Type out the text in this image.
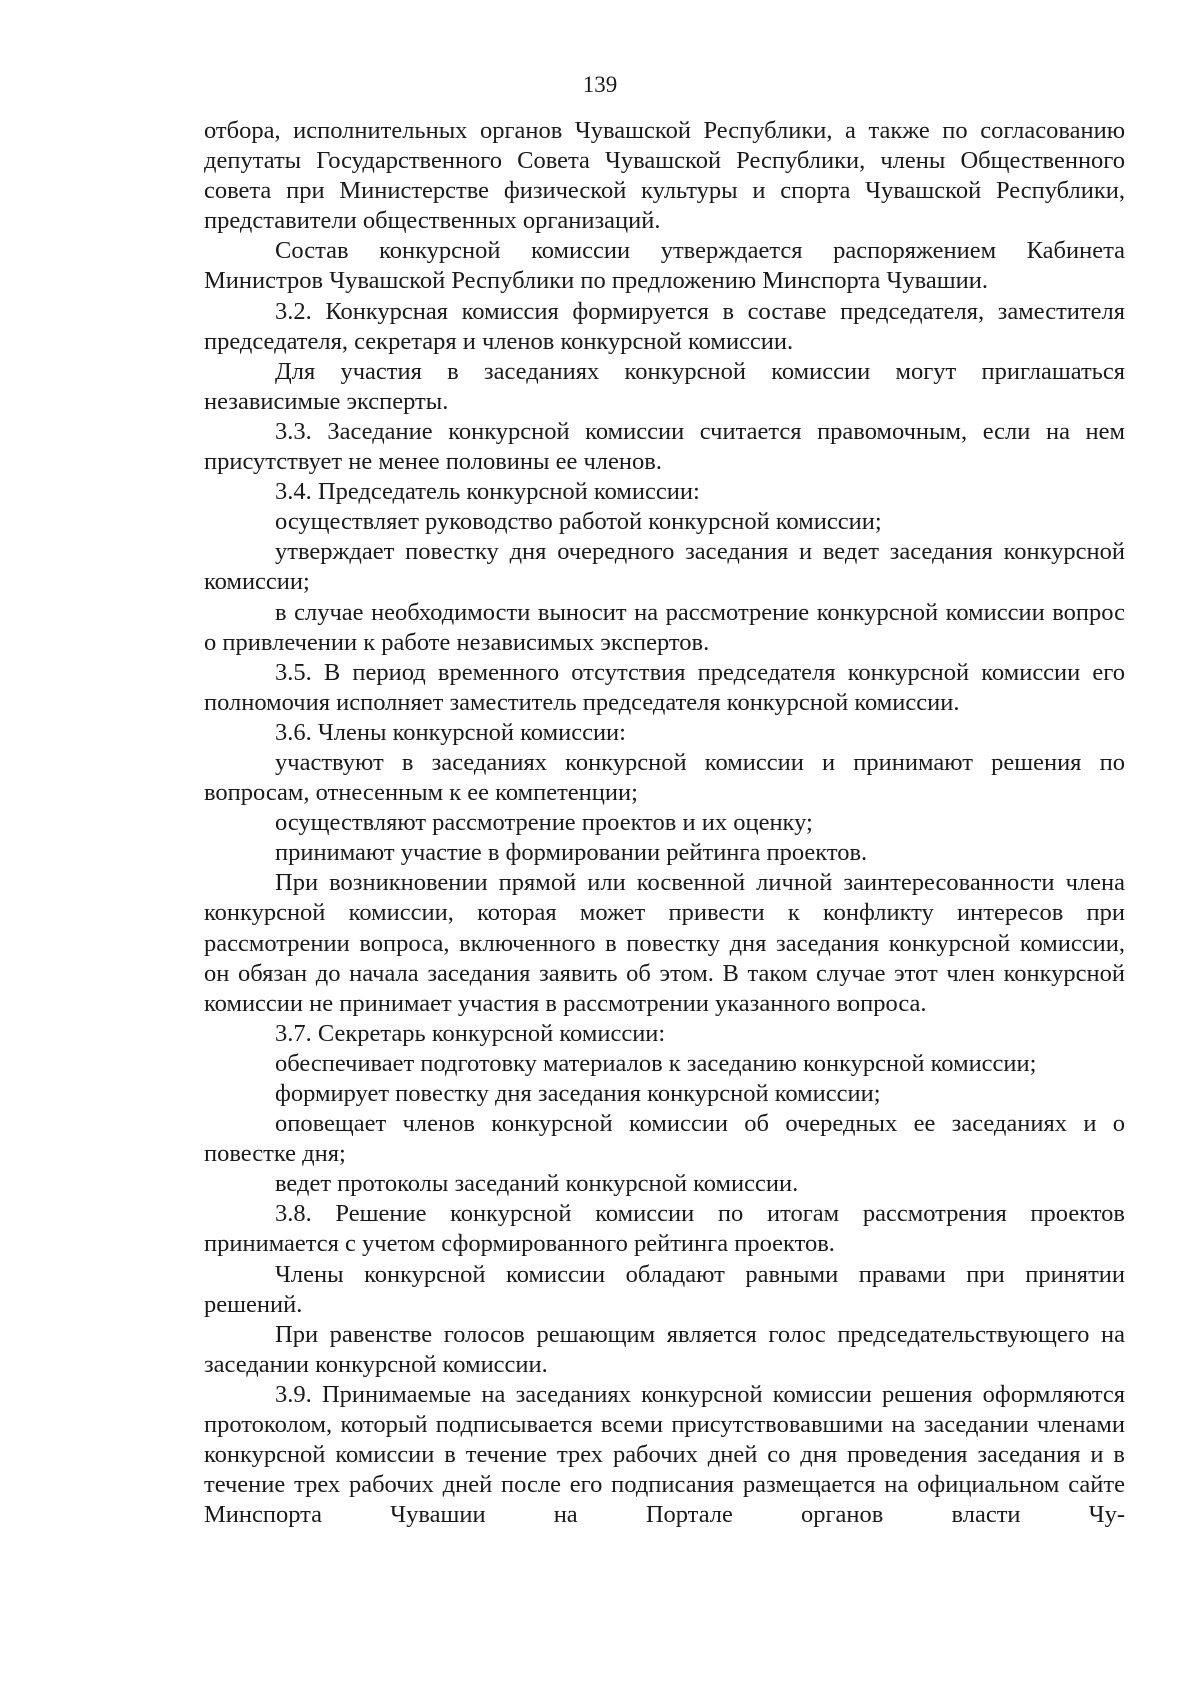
139

отбора, исполнительных органов Чувашской Республики, а также по согласованию депутаты Государственного Совета Чувашской Республики, члены Общественного совета при Министерстве физической культуры и спорта Чувашской Республики, представители общественных организаций.

Состав конкурсной комиссии утверждается распоряжением Кабинета Министров Чувашской Республики по предложению Минспорта Чувашии.

3.2. Конкурсная комиссия формируется в составе председателя, заместителя председателя, секретаря и членов конкурсной комиссии.

Для участия в заседаниях конкурсной комиссии могут приглашаться независимые эксперты.

3.3. Заседание конкурсной комиссии считается правомочным, если на нем присутствует не менее половины ее членов.

3.4. Председатель конкурсной комиссии:

осуществляет руководство работой конкурсной комиссии;

утверждает повестку дня очередного заседания и ведет заседания конкурсной комиссии;

в случае необходимости выносит на рассмотрение конкурсной комиссии вопрос о привлечении к работе независимых экспертов.

3.5. В период временного отсутствия председателя конкурсной комиссии его полномочия исполняет заместитель председателя конкурсной комиссии.

3.6. Члены конкурсной комиссии:

участвуют в заседаниях конкурсной комиссии и принимают решения по вопросам, отнесенным к ее компетенции;

осуществляют рассмотрение проектов и их оценку;

принимают участие в формировании рейтинга проектов.

При возникновении прямой или косвенной личной заинтересованности члена конкурсной комиссии, которая может привести к конфликту интересов при рассмотрении вопроса, включенного в повестку дня заседания конкурсной комиссии, он обязан до начала заседания заявить об этом. В таком случае этот член конкурсной комиссии не принимает участия в рассмотрении указанного вопроса.

3.7. Секретарь конкурсной комиссии:

обеспечивает подготовку материалов к заседанию конкурсной комиссии;

формирует повестку дня заседания конкурсной комиссии;

оповещает членов конкурсной комиссии об очередных ее заседаниях и о повестке дня;

ведет протоколы заседаний конкурсной комиссии.

3.8. Решение конкурсной комиссии по итогам рассмотрения проектов принимается с учетом сформированного рейтинга проектов.

Члены конкурсной комиссии обладают равными правами при принятии решений.

При равенстве голосов решающим является голос председательствующего на заседании конкурсной комиссии.

3.9. Принимаемые на заседаниях конкурсной комиссии решения оформляются протоколом, который подписывается всеми присутствовавшими на заседании членами конкурсной комиссии в течение трех рабочих дней со дня проведения заседания и в течение трех рабочих дней после его подписания размещается на официальном сайте Минспорта Чувашии на Портале органов власти Чу-
